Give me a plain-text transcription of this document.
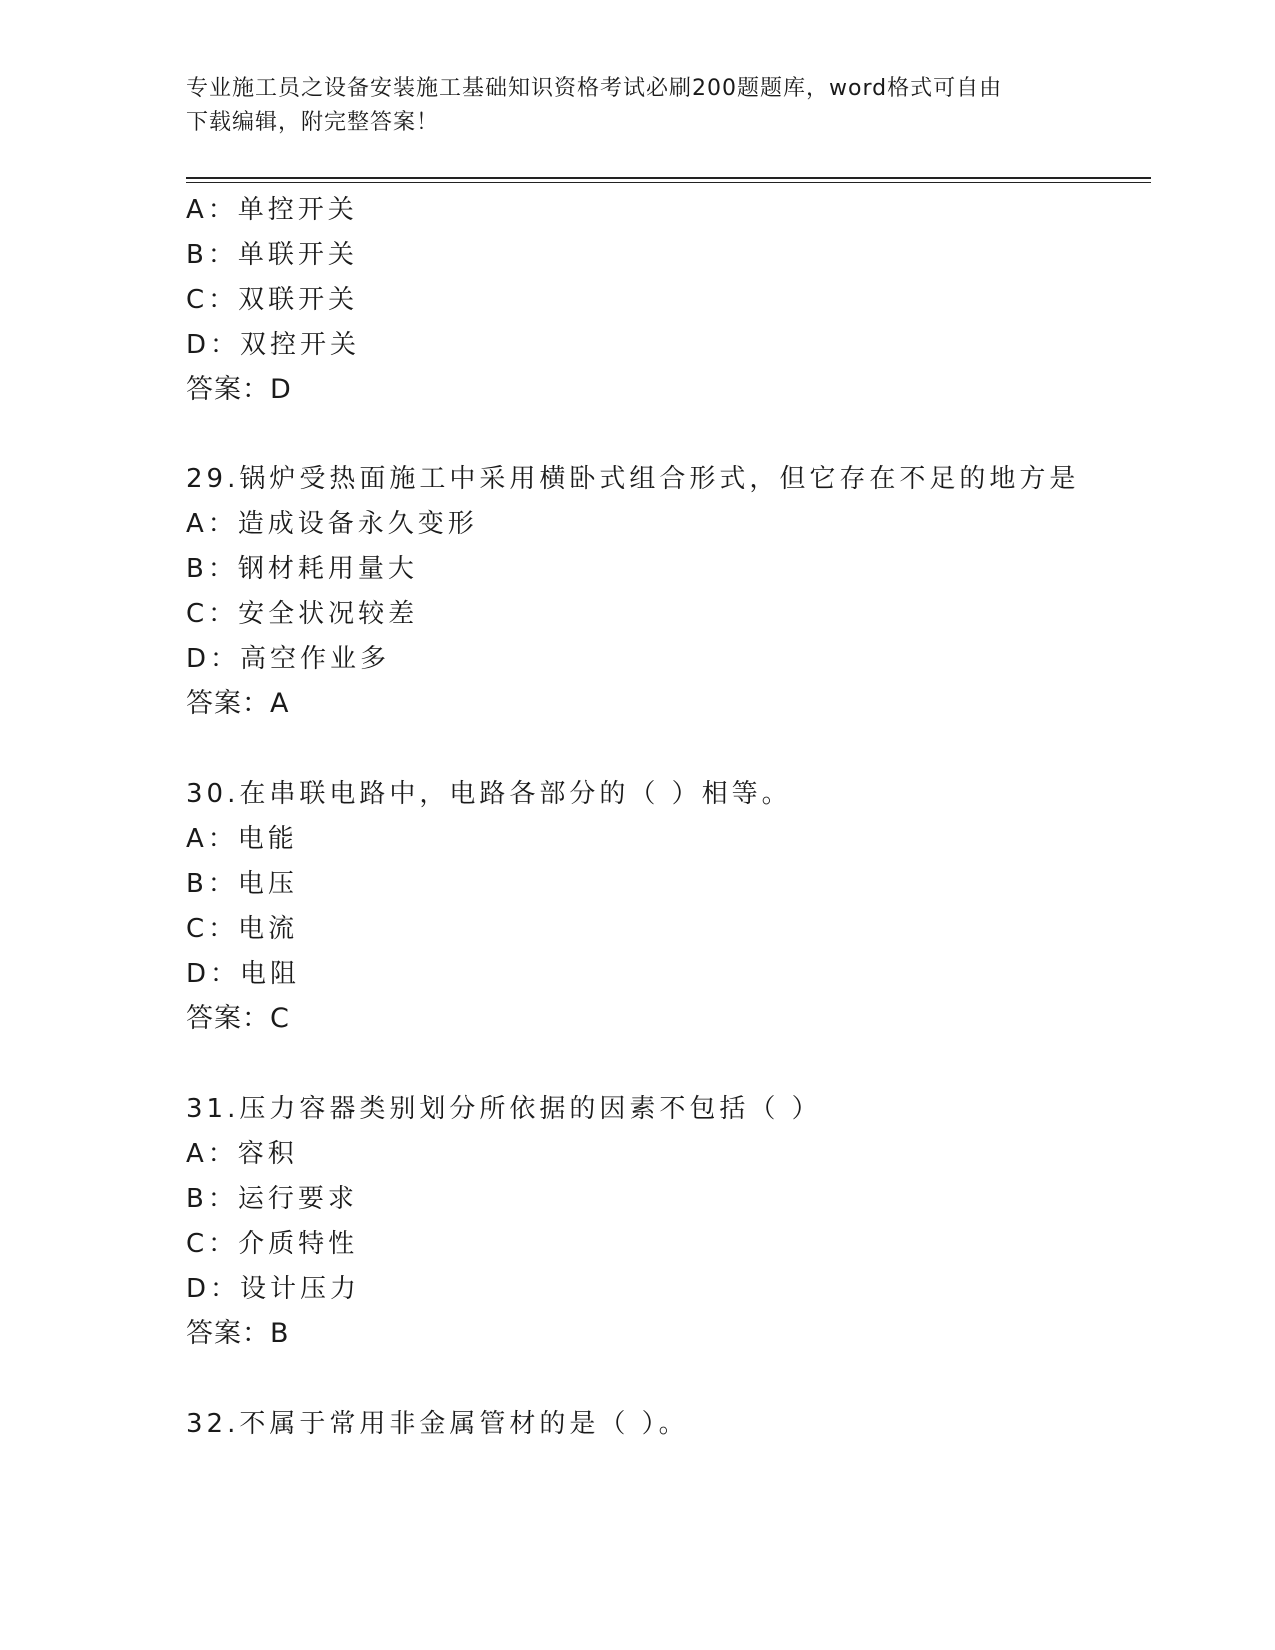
专业施工员之设备安装施工基础知识资格考试必刷200题题库，word格式可自由
下载编辑，附完整答案！
A：单控开关
B：单联开关
C：双联开关
D：双控开关
答案：D
29.锅炉受热面施工中采用横卧式组合形式，但它存在不足的地方是
A：造成设备永久变形
B：钢材耗用量大
C：安全状况较差
D：高空作业多
答案：A
30.在串联电路中，电路各部分的（ ）相等。
A：电能
B：电压
C：电流
D：电阻
答案：C
31.压力容器类别划分所依据的因素不包括（ ）
A：容积
B：运行要求
C：介质特性
D：设计压力
答案：B
32.不属于常用非金属管材的是（ ）。
